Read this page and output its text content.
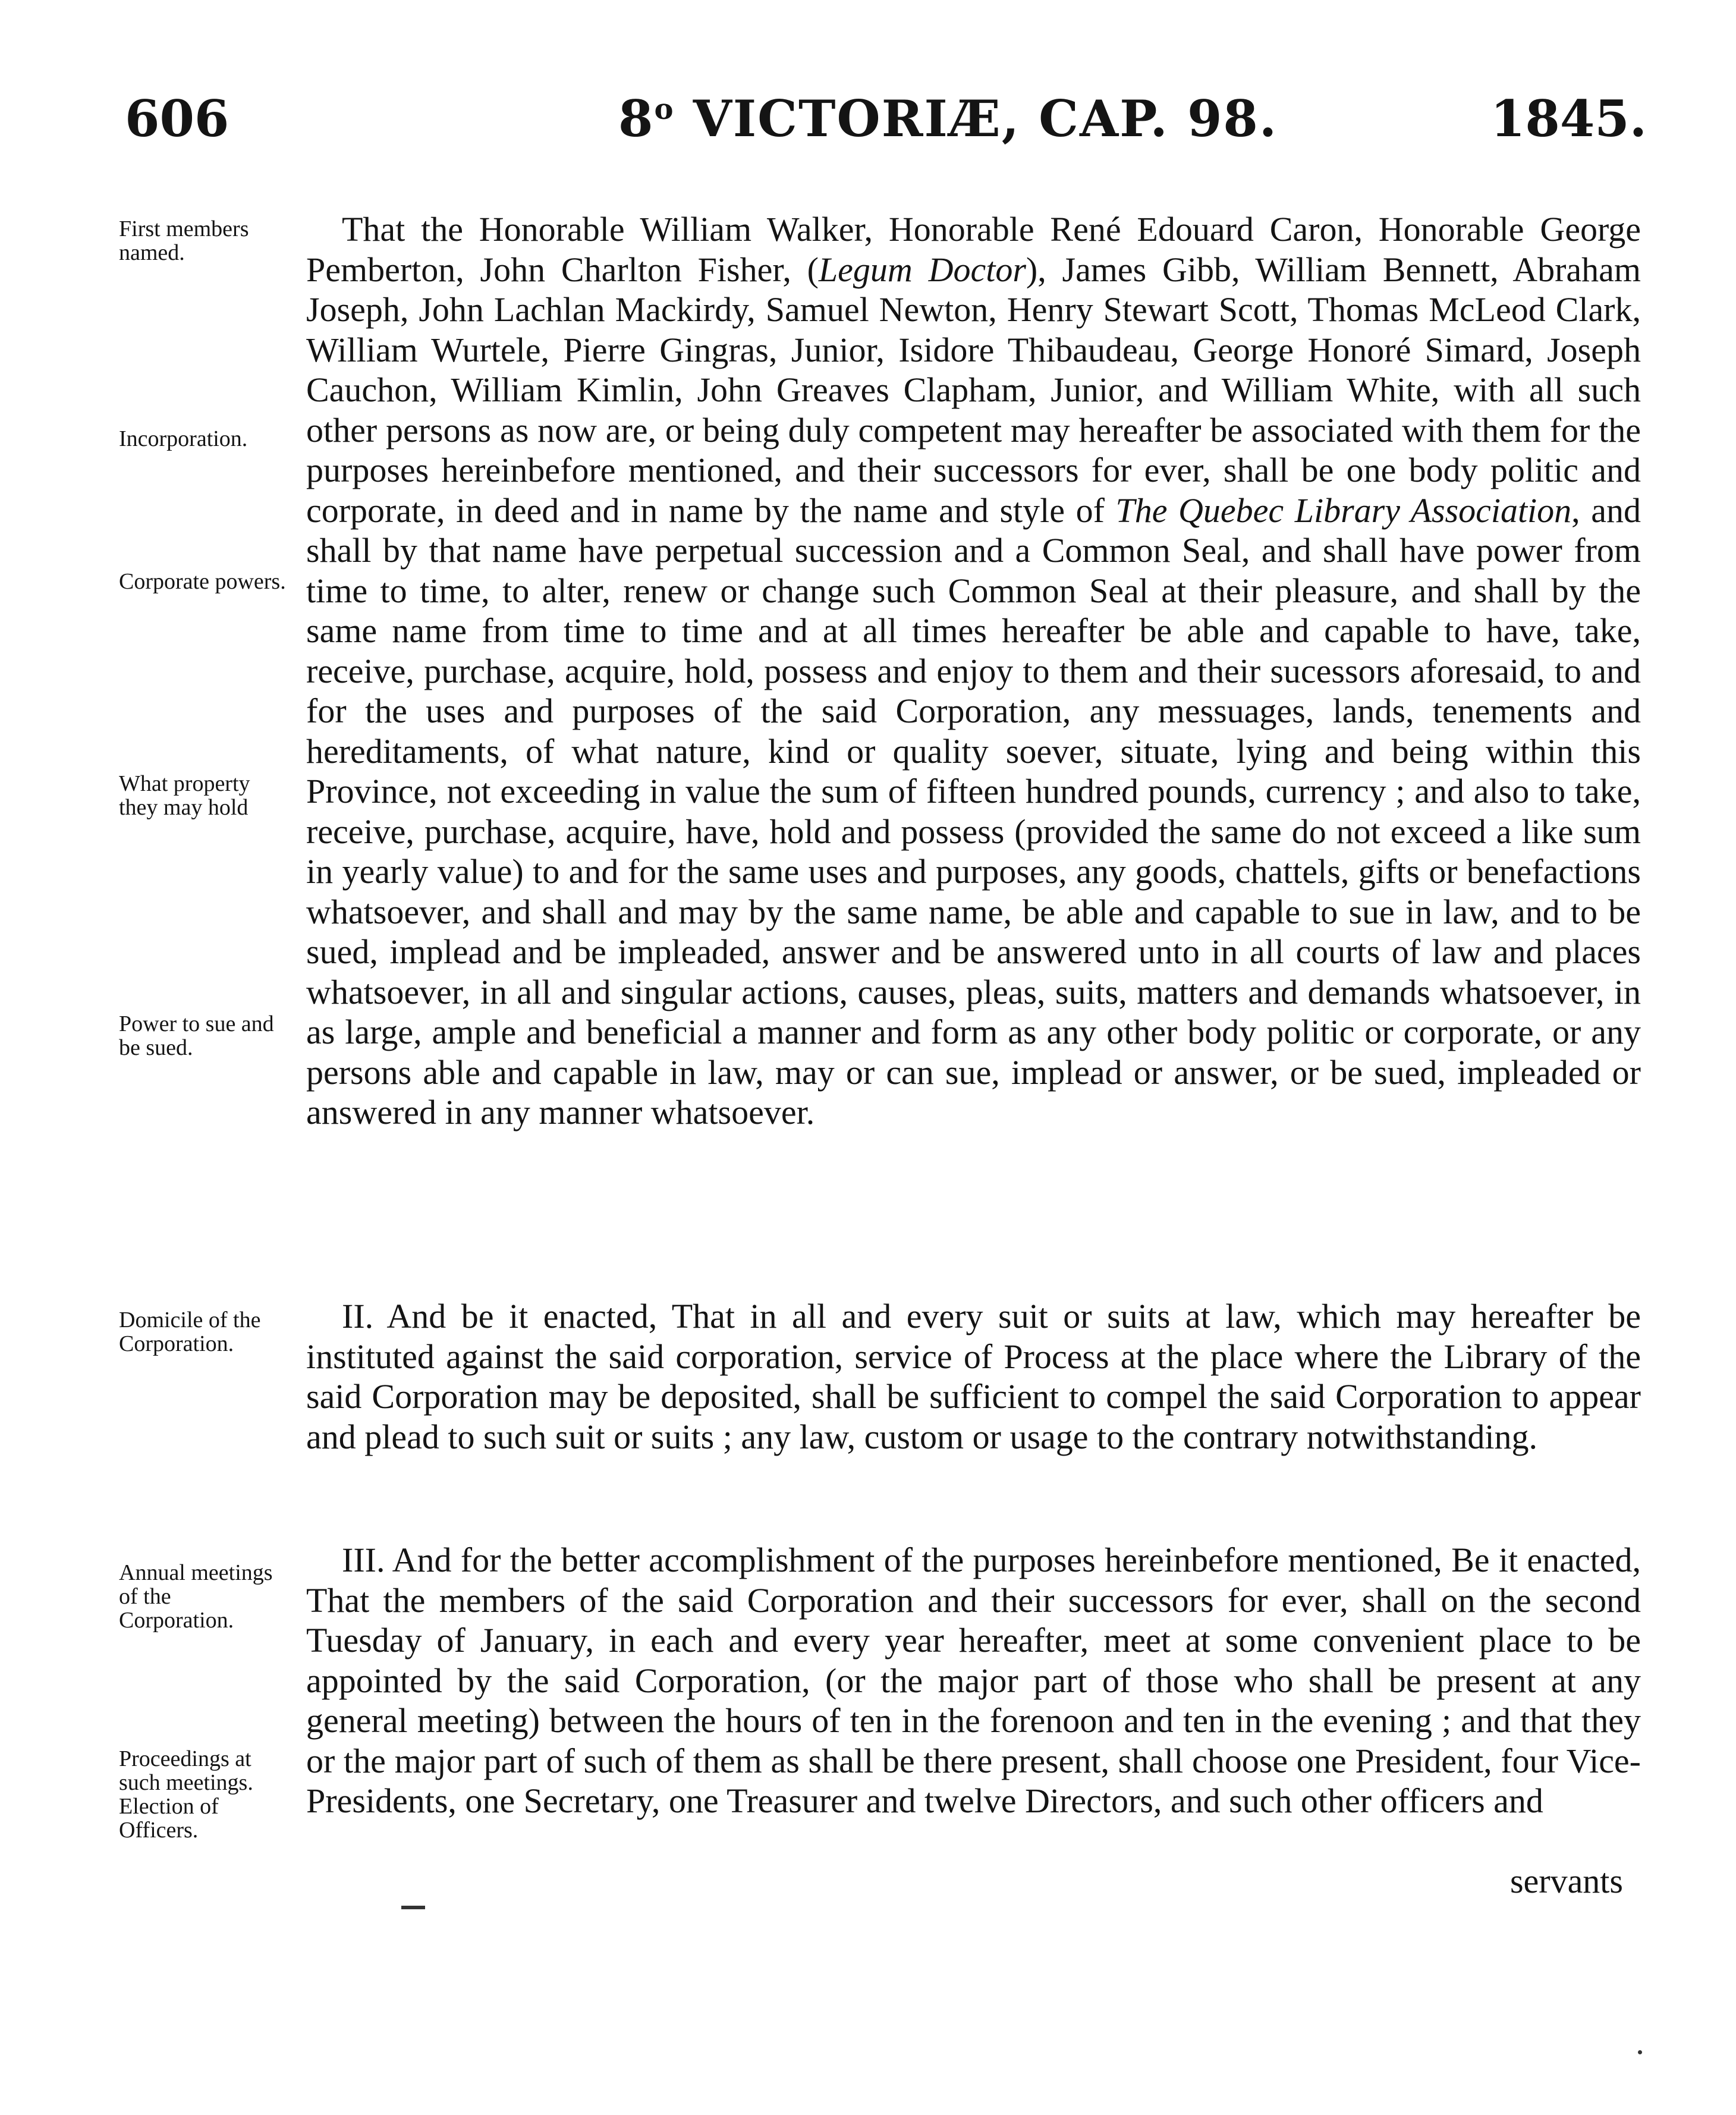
606	8$^o$ VICTORIÆ, CAP. 98.	1845.
First members named.
Incorporation.
Corporate powers.
What property they may hold
Power to sue and be sued.
Domicile of the Corporation.
Annual meetings of the Corporation.
Proceedings at such meetings. Election of Officers.

That the Honorable William Walker, Honorable René Edouard Caron, Honorable George Pemberton, John Charlton Fisher, (Legum Doctor), James Gibb, William Bennett, Abraham Joseph, John Lachlan Mackirdy, Samuel Newton, Henry Stewart Scott, Thomas McLeod Clark, William Wurtele, Pierre Gingras, Junior, Isidore Thibaudeau, George Honoré Simard, Joseph Cauchon, William Kimlin, John Greaves Clapham, Junior, and William White, with all such other persons as now are, or being duly competent may hereafter be associated with them for the purposes hereinbefore mentioned, and their successors for ever, shall be one body politic and corporate, in deed and in name by the name and style of The Quebec Library Association, and shall by that name have perpetual succession and a Common Seal, and shall have power from time to time, to alter, renew or change such Common Seal at their pleasure, and shall by the same name from time to time and at all times hereafter be able and capable to have, take, receive, purchase, acquire, hold, possess and enjoy to them and their sucessors aforesaid, to and for the uses and purposes of the said Corporation, any messuages, lands, tenements and hereditaments, of what nature, kind or quality soever, situate, lying and being within this Province, not exceeding in value the sum of fifteen hundred pounds, currency ; and also to take, receive, purchase, acquire, have, hold and possess (provided the same do not exceed a like sum in yearly value) to and for the same uses and purposes, any goods, chattels, gifts or benefactions whatsoever, and shall and may by the same name, be able and capable to sue in law, and to be sued, implead and be impleaded, answer and be answered unto in all courts of law and places whatsoever, in all and singular actions, causes, pleas, suits, matters and demands whatsoever, in as large, ample and beneficial a manner and form as any other body politic or corporate, or any persons able and capable in law, may or can sue, implead or answer, or be sued, impleaded or answered in any manner whatsoever.

II. And be it enacted, That in all and every suit or suits at law, which may hereafter be instituted against the said corporation, service of Process at the place where the Library of the said Corporation may be deposited, shall be sufficient to compel the said Corporation to appear and plead to such suit or suits ; any law, custom or usage to the contrary notwithstanding.

III. And for the better accomplishment of the purposes hereinbefore mentioned, Be it enacted, That the members of the said Corporation and their successors for ever, shall on the second Tuesday of January, in each and every year hereafter, meet at some convenient place to be appointed by the said Corporation, (or the major part of those who shall be present at any general meeting) between the hours of ten in the forenoon and ten in the evening ; and that they or the major part of such of them as shall be there present, shall choose one President, four Vice-Presidents, one Secretary, one Treasurer and twelve Directors, and such other officers and

servants
